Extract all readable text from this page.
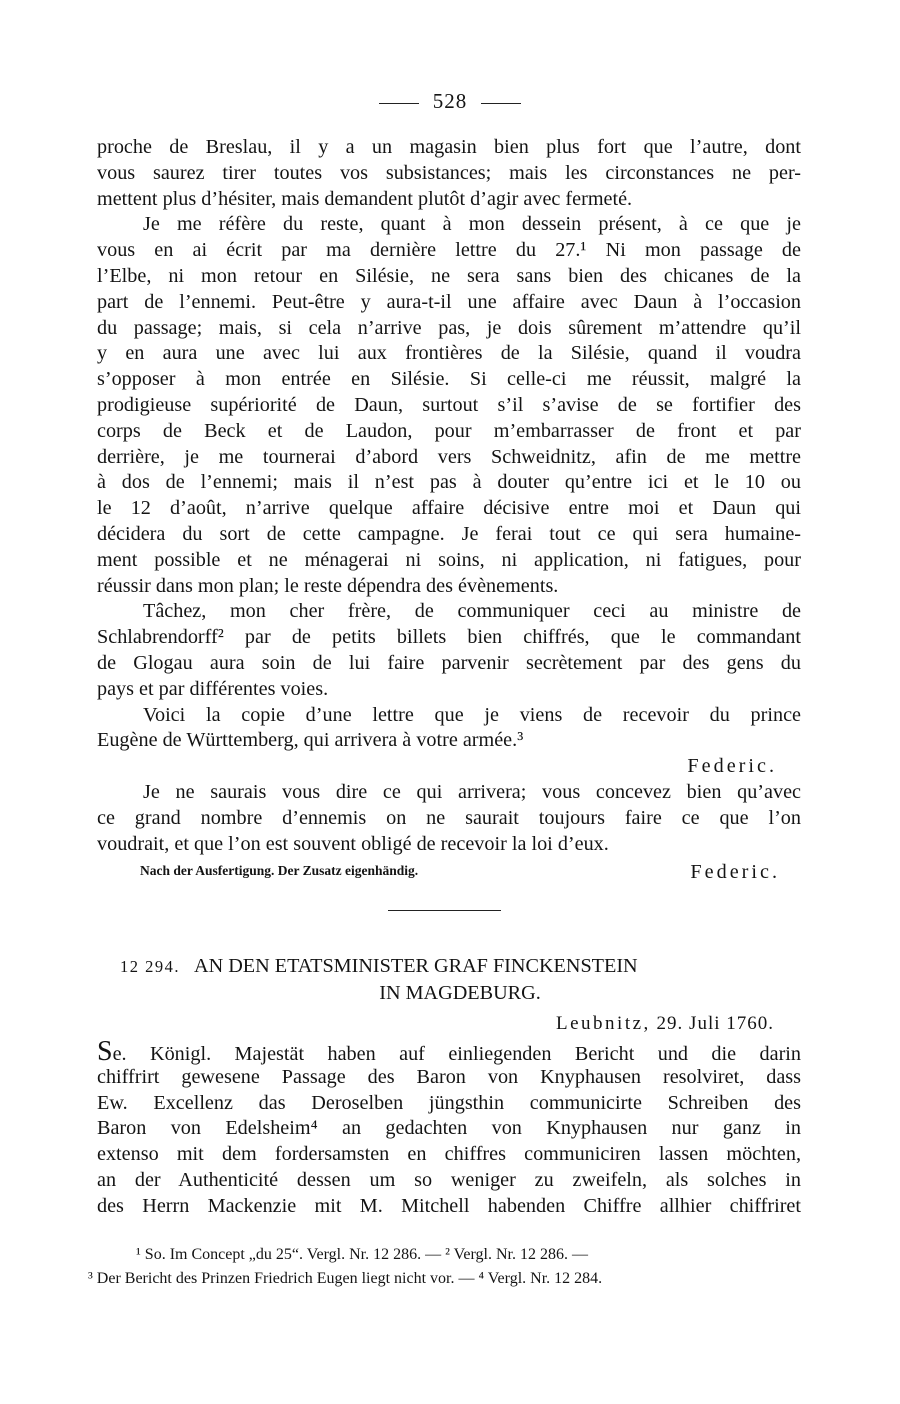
528
proche de Breslau, il y a un magasin bien plus fort que l’autre, dont
vous saurez tirer toutes vos subsistances; mais les circonstances ne per-
mettent plus d’hésiter, mais demandent plutôt d’agir avec fermeté.
Je me réfère du reste, quant à mon dessein présent, à ce que je
vous en ai écrit par ma dernière lettre du 27.¹ Ni mon passage de
l’Elbe, ni mon retour en Silésie, ne sera sans bien des chicanes de la
part de l’ennemi. Peut-être y aura-t-il une affaire avec Daun à l’occasion
du passage; mais, si cela n’arrive pas, je dois sûrement m’attendre qu’il
y en aura une avec lui aux frontières de la Silésie, quand il voudra
s’opposer à mon entrée en Silésie. Si celle-ci me réussit, malgré la
prodigieuse supériorité de Daun, surtout s’il s’avise de se fortifier des
corps de Beck et de Laudon, pour m’embarrasser de front et par
derrière, je me tournerai d’abord vers Schweidnitz, afin de me mettre
à dos de l’ennemi; mais il n’est pas à douter qu’entre ici et le 10 ou
le 12 d’août, n’arrive quelque affaire décisive entre moi et Daun qui
décidera du sort de cette campagne. Je ferai tout ce qui sera humaine-
ment possible et ne ménagerai ni soins, ni application, ni fatigues, pour
réussir dans mon plan; le reste dépendra des évènements.
Tâchez, mon cher frère, de communiquer ceci au ministre de
Schlabrendorff² par de petits billets bien chiffrés, que le commandant
de Glogau aura soin de lui faire parvenir secrètement par des gens du
pays et par différentes voies.
Voici la copie d’une lettre que je viens de recevoir du prince
Eugène de Württemberg, qui arrivera à votre armée.³
Federic.
Je ne saurais vous dire ce qui arrivera; vous concevez bien qu’avec
ce grand nombre d’ennemis on ne saurait toujours faire ce que l’on
voudrait, et que l’on est souvent obligé de recevoir la loi d’eux.
Nach der Ausfertigung. Der Zusatz eigenhändig.	Federic.
12 294. AN DEN ETATSMINISTER GRAF FINCKENSTEIN
IN MAGDEBURG.
Leubnitz, 29. Juli 1760.
Se. Königl. Majestät haben auf einliegenden Bericht und die darin
chiffrirt gewesene Passage des Baron von Knyphausen resolviret, dass
Ew. Excellenz das Deroselben jüngsthin communicirte Schreiben des
Baron von Edelsheim⁴ an gedachten von Knyphausen nur ganz in
extenso mit dem fordersamsten en chiffres communiciren lassen möchten,
an der Authenticité dessen um so weniger zu zweifeln, als solches in
des Herrn Mackenzie mit M. Mitchell habenden Chiffre allhier chiffriret
¹ So. Im Concept „du 25“. Vergl. Nr. 12 286. — ² Vergl. Nr. 12 286. —
³ Der Bericht des Prinzen Friedrich Eugen liegt nicht vor. — ⁴ Vergl. Nr. 12 284.
